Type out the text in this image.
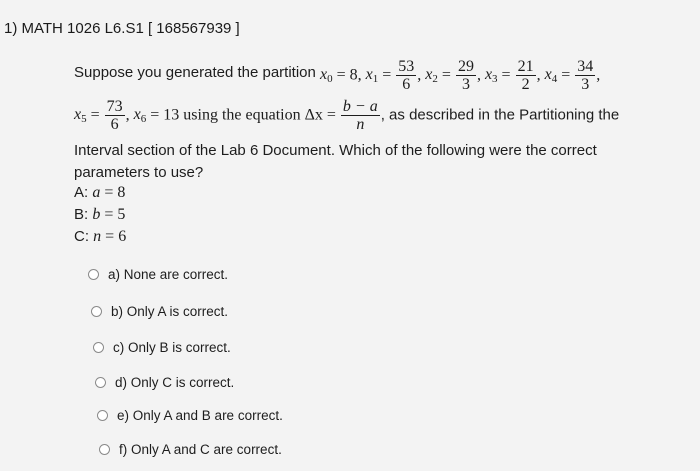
1) MATH 1026 L6.S1 [ 168567939 ]
Suppose you generated the partition $x_0 = 8$, $x_1 = \frac{53}{6}$ , $x_2 = \frac{29}{3}$ , $x_3 = \frac{21}{2}$ , $x_4 = \frac{34}{3}$ ,
$x_5 = \frac{73}{6}$ , $x_6 = 13$ using the equation $\Delta x = \frac{b - a}{n}$ , as described in the Partitioning the
Interval section of the Lab 6 Document. Which of the following were the correct
parameters to use?
A: a = 8
B: b = 5
C: n = 6
a) None are correct.
b) Only A is correct.
c) Only B is correct.
d) Only C is correct.
e) Only A and B are correct.
f) Only A and C are correct.
